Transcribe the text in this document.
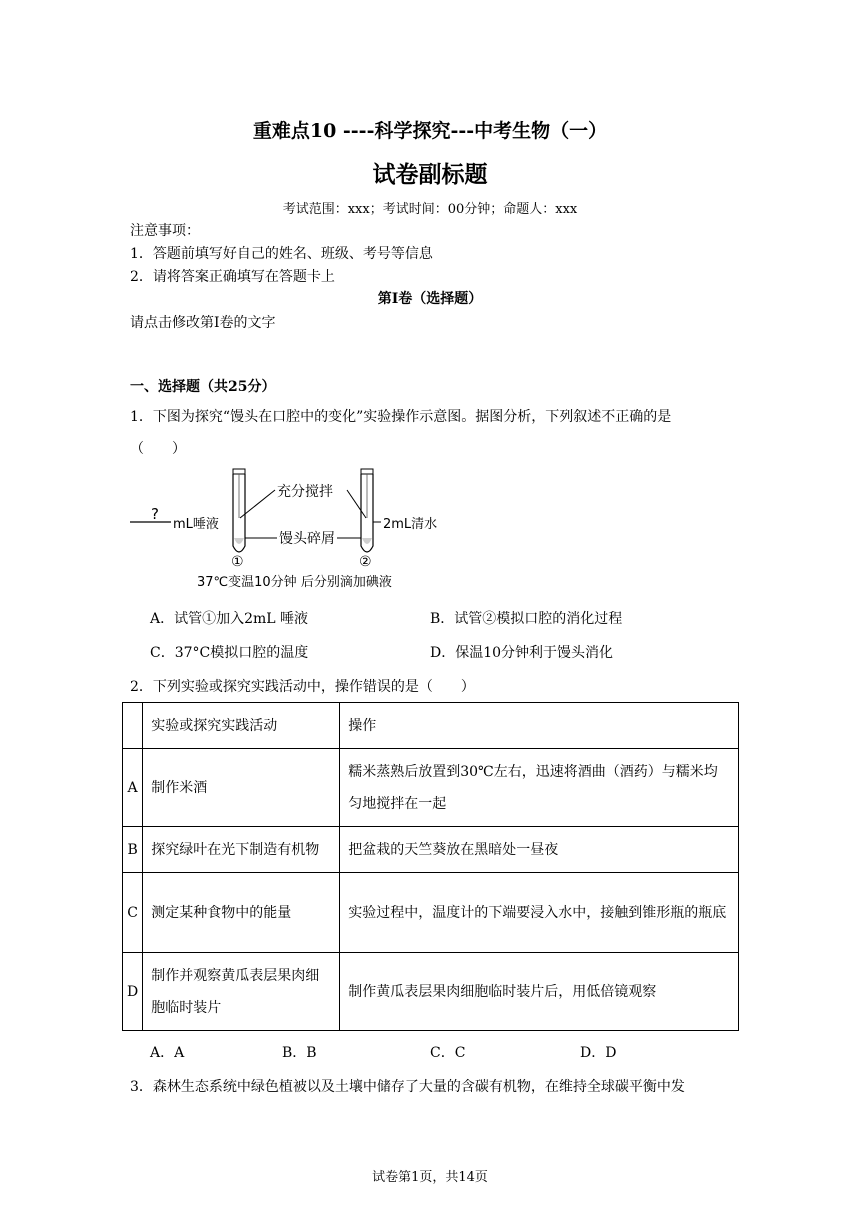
重难点10 ----科学探究---中考生物（一）
试卷副标题
考试范围：xxx；考试时间：00分钟；命题人：xxx
注意事项：
1．答题前填写好自己的姓名、班级、考号等信息
2．请将答案正确填写在答题卡上
第I卷（选择题）
请点击修改第I卷的文字
一、选择题（共25分）
1．下图为探究“馒头在口腔中的变化”实验操作示意图。据图分析，下列叙述不正确的是
（　　）
?
mL唾液
充分搅拌
馒头碎屑
2mL清水
①	②
37℃变温10分钟 后分别滴加碘液
A．试管①加入2mL 唾液	B．试管②模拟口腔的消化过程
C．37°C模拟口腔的温度	D．保温10分钟利于馒头消化
2．下列实验或探究实践活动中，操作错误的是（　　）
	实验或探究实践活动	操作
A	制作米酒	糯米蒸熟后放置到30℃左右，迅速将酒曲（酒药）与糯米均匀地搅拌在一起
B	探究绿叶在光下制造有机物	把盆栽的天竺葵放在黑暗处一昼夜
C	测定某种食物中的能量	实验过程中，温度计的下端要浸入水中，接触到锥形瓶的瓶底
D	制作并观察黄瓜表层果肉细胞临时装片	制作黄瓜表层果肉细胞临时装片后，用低倍镜观察
A．A	B．B	C．C	D．D
3．森林生态系统中绿色植被以及土壤中储存了大量的含碳有机物，在维持全球碳平衡中发
试卷第1页，共14页
